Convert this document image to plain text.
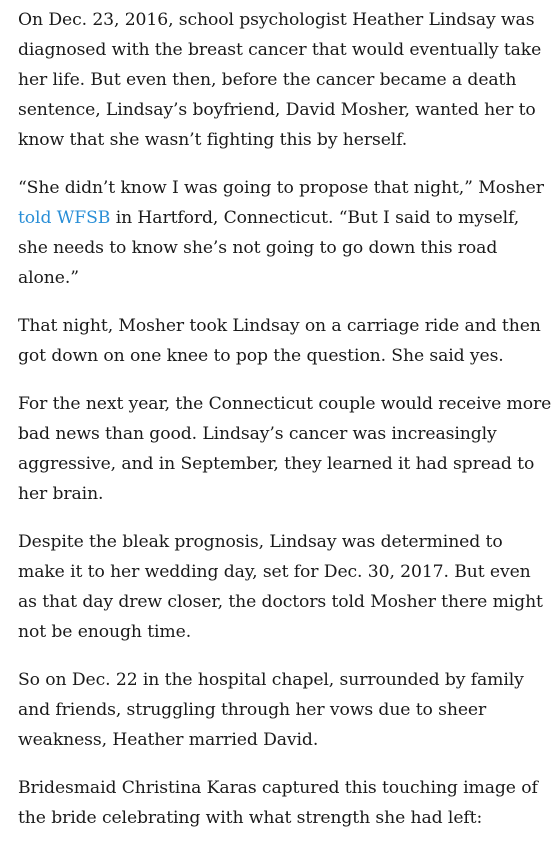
On Dec. 23, 2016, school psychologist Heather Lindsay was diagnosed with the breast cancer that would eventually take her life. But even then, before the cancer became a death sentence, Lindsay’s boyfriend, David Mosher, wanted her to know that she wasn’t fighting this by herself.

“She didn’t know I was going to propose that night,” Mosher told WFSB in Hartford, Connecticut. “But I said to myself, she needs to know she’s not going to go down this road alone.”

That night, Mosher took Lindsay on a carriage ride and then got down on one knee to pop the question. She said yes.

For the next year, the Connecticut couple would receive more bad news than good. Lindsay’s cancer was increasingly aggressive, and in September, they learned it had spread to her brain.

Despite the bleak prognosis, Lindsay was determined to make it to her wedding day, set for Dec. 30, 2017. But even as that day drew closer, the doctors told Mosher there might not be enough time.

So on Dec. 22 in the hospital chapel, surrounded by family and friends, struggling through her vows due to sheer weakness, Heather married David.

Bridesmaid Christina Karas captured this touching image of the bride celebrating with what strength she had left:
